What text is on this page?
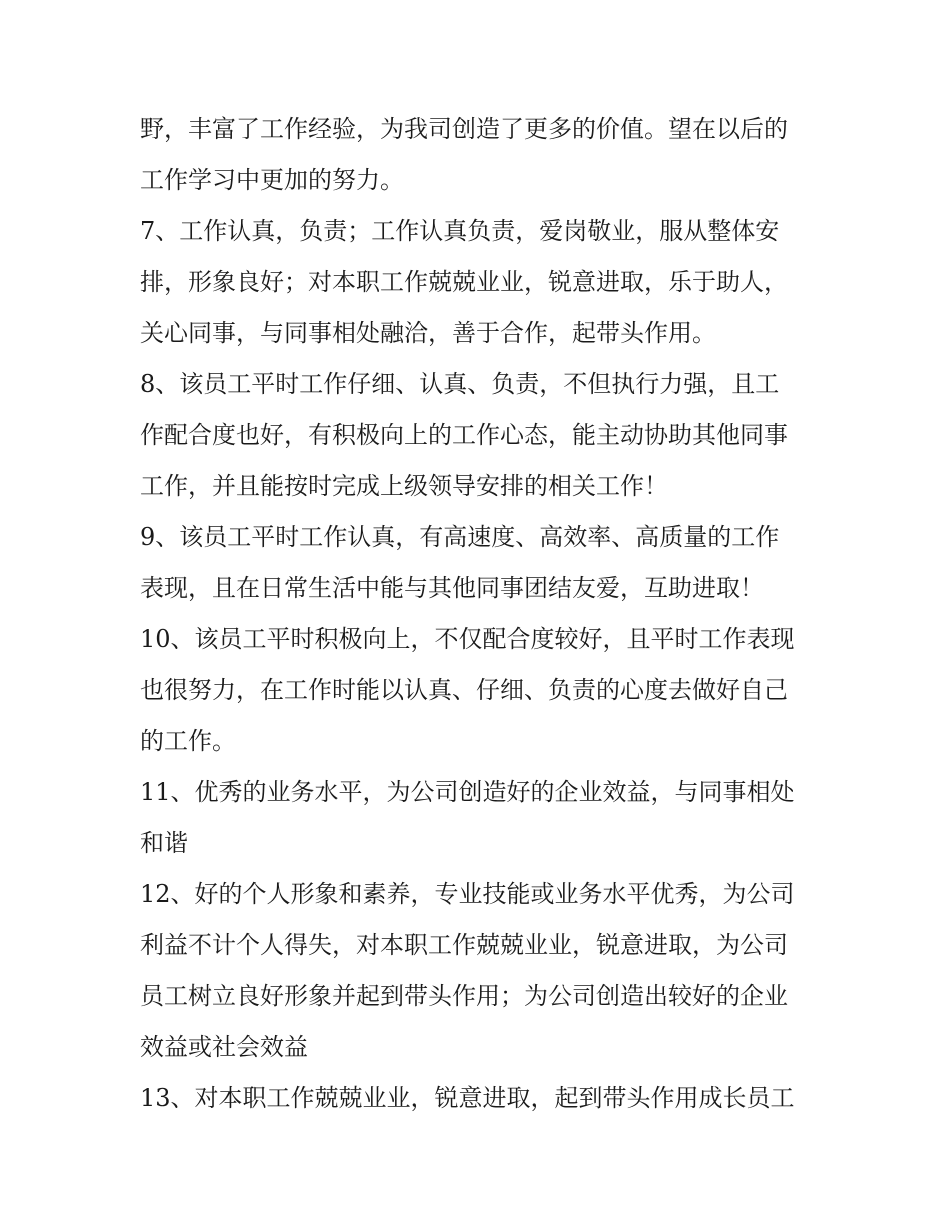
野，丰富了工作经验，为我司创造了更多的价值。望在以后的
工作学习中更加的努力。
7、工作认真，负责；工作认真负责，爱岗敬业，服从整体安
排，形象良好；对本职工作兢兢业业，锐意进取，乐于助人，
关心同事，与同事相处融洽，善于合作，起带头作用。
8、该员工平时工作仔细、认真、负责，不但执行力强，且工
作配合度也好，有积极向上的工作心态，能主动协助其他同事
工作，并且能按时完成上级领导安排的相关工作！
9、该员工平时工作认真，有高速度、高效率、高质量的工作
表现，且在日常生活中能与其他同事团结友爱，互助进取！
10、该员工平时积极向上，不仅配合度较好，且平时工作表现
也很努力，在工作时能以认真、仔细、负责的心度去做好自己
的工作。
11、优秀的业务水平，为公司创造好的企业效益，与同事相处
和谐
12、好的个人形象和素养，专业技能或业务水平优秀，为公司
利益不计个人得失，对本职工作兢兢业业，锐意进取，为公司
员工树立良好形象并起到带头作用；为公司创造出较好的企业
效益或社会效益
13、对本职工作兢兢业业，锐意进取，起到带头作用成长员工
